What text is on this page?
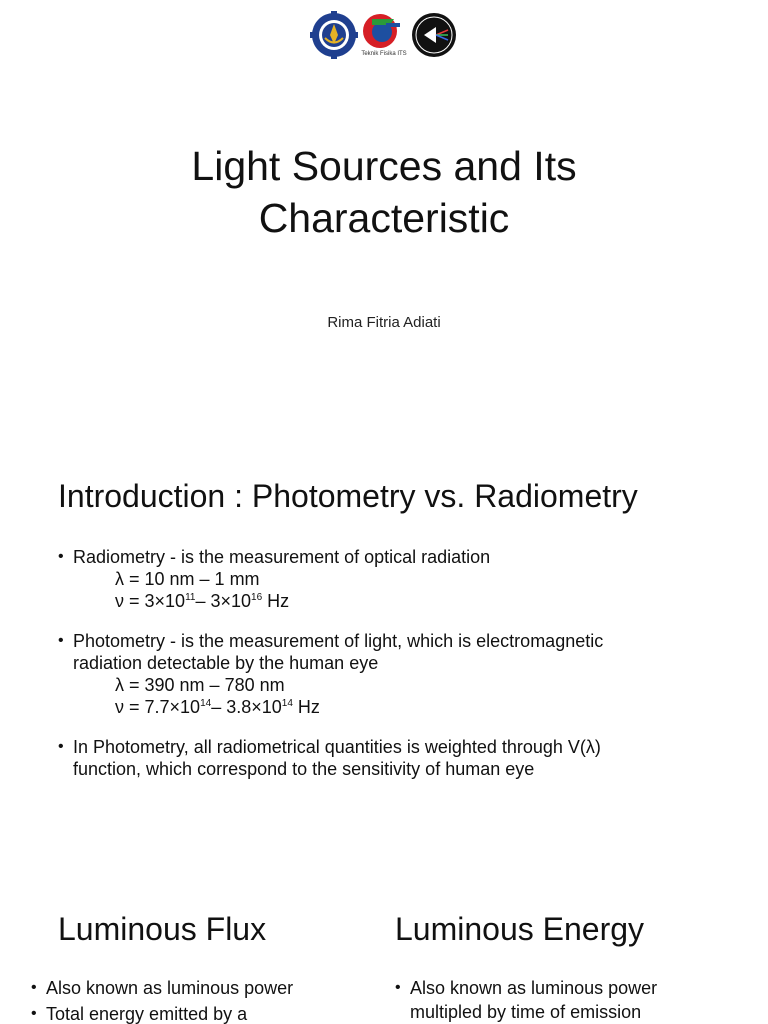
Teknik Fisika ITS
Light Sources and Its
Characteristic
Rima Fitria Adiati
Introduction : Photometry vs. Radiometry
• Radiometry - is the measurement of optical radiation
λ = 10 nm – 1 mm
$\nu = 3\times 10^{11}-$ $3\times 10^{16}$ Hz
• Photometry - is the measurement of light, which is electromagnetic
radiation detectable by the human eye
λ = 390 nm – 780 nm
$\nu = 7.7\times 10^{14}-$ $3.8\times 10^{14}$ Hz
• In Photometry, all radiometrical quantities is weighted through V(λ)
function, which correspond to the sensitivity of human eye
Luminous Flux
• Also known as luminous power
• Total energy emitted by a
Luminous Energy
• Also known as luminous power
multipled by time of emission
